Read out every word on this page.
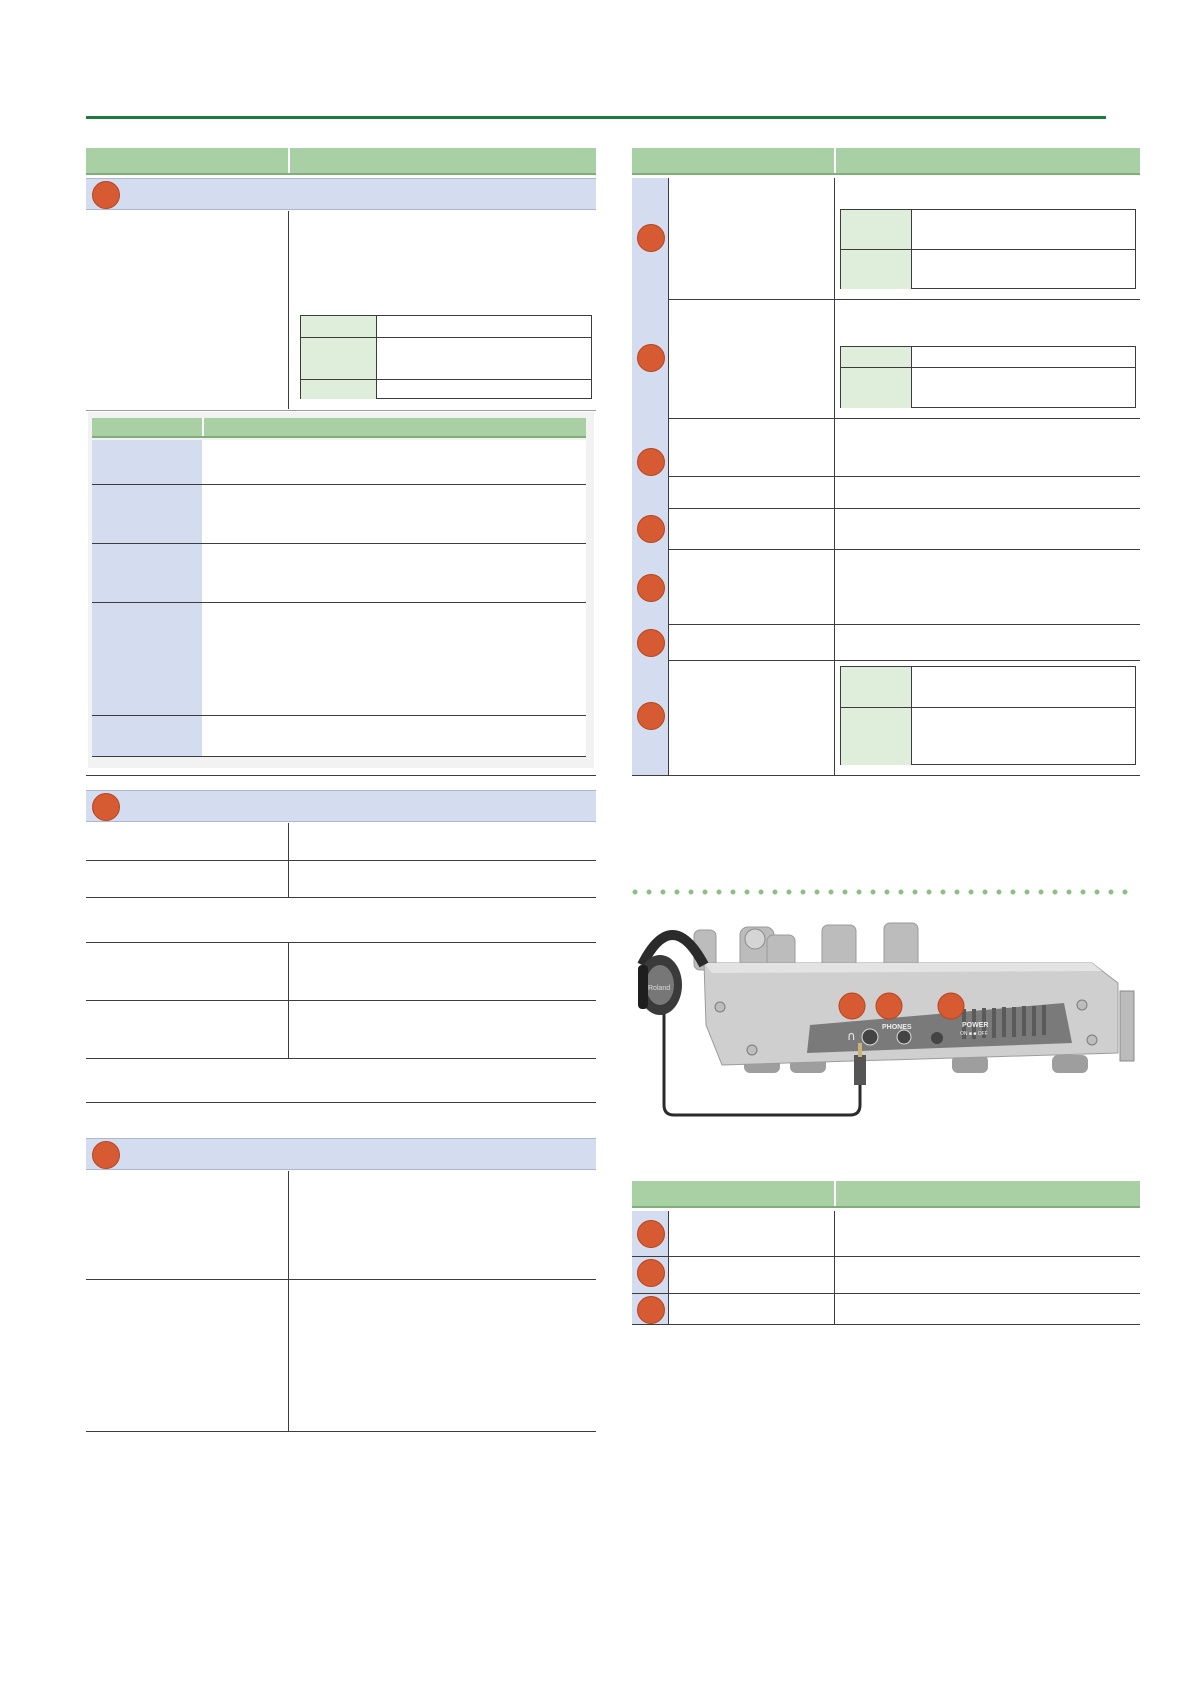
PHONES	POWER
ON ■ ■ OFF
∩
Roland
